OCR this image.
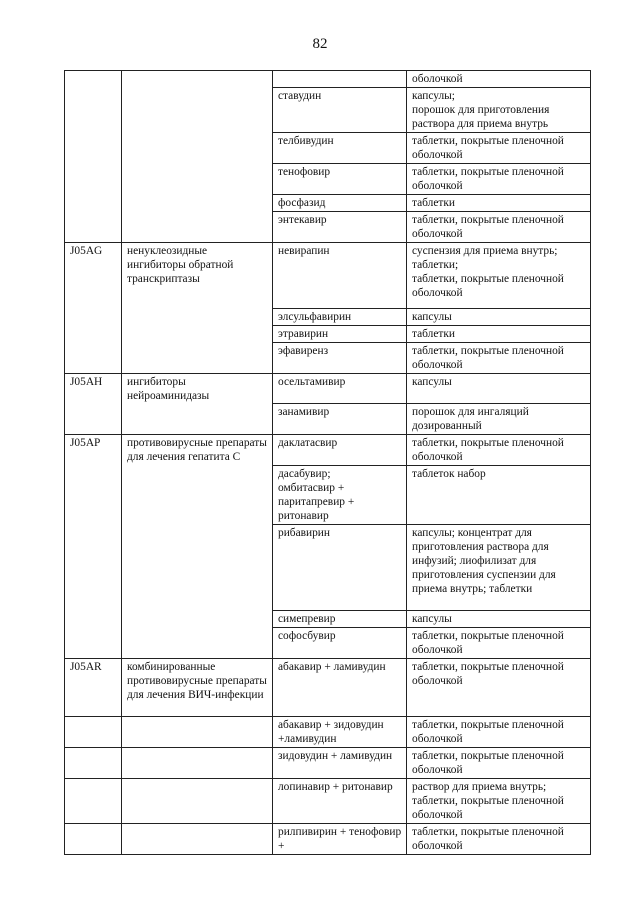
82
			оболочкой
		ставудин	капсулы;
порошок для приготовления раствора для приема внутрь
		телбивудин	таблетки, покрытые пленочной оболочкой
		тенофовир	таблетки, покрытые пленочной оболочкой
		фосфазид	таблетки
		энтекавир	таблетки, покрытые пленочной оболочкой
J05AG	ненуклеозидные ингибиторы обратной транскриптазы	невирапин	суспензия для приема внутрь;
таблетки;
таблетки, покрытые пленочной оболочкой
		элсульфавирин	капсулы
		этравирин	таблетки
		эфавиренз	таблетки, покрытые пленочной оболочкой
J05AH	ингибиторы нейроаминидазы	осельтамивир	капсулы
		занамивир	порошок для ингаляций дозированный
J05AP	противовирусные препараты для лечения гепатита C	даклатасвир	таблетки, покрытые пленочной оболочкой
		дасабувир;
омбитасвир + паритапревир + ритонавир	таблеток набор
		рибавирин	капсулы; концентрат для приготовления раствора для инфузий; лиофилизат для приготовления суспензии для приема внутрь; таблетки
		симепревир	капсулы
		софосбувир	таблетки, покрытые пленочной оболочкой
J05AR	комбинированные противовирусные препараты для лечения ВИЧ-инфекции	абакавир + ламивудин	таблетки, покрытые пленочной оболочкой
		абакавир + зидовудин +ламивудин	таблетки, покрытые пленочной оболочкой
		зидовудин + ламивудин	таблетки, покрытые пленочной оболочкой
		лопинавир + ритонавир	раствор для приема внутрь;
таблетки, покрытые пленочной оболочкой
		рилпивирин + тенофовир +	таблетки, покрытые пленочной оболочкой
